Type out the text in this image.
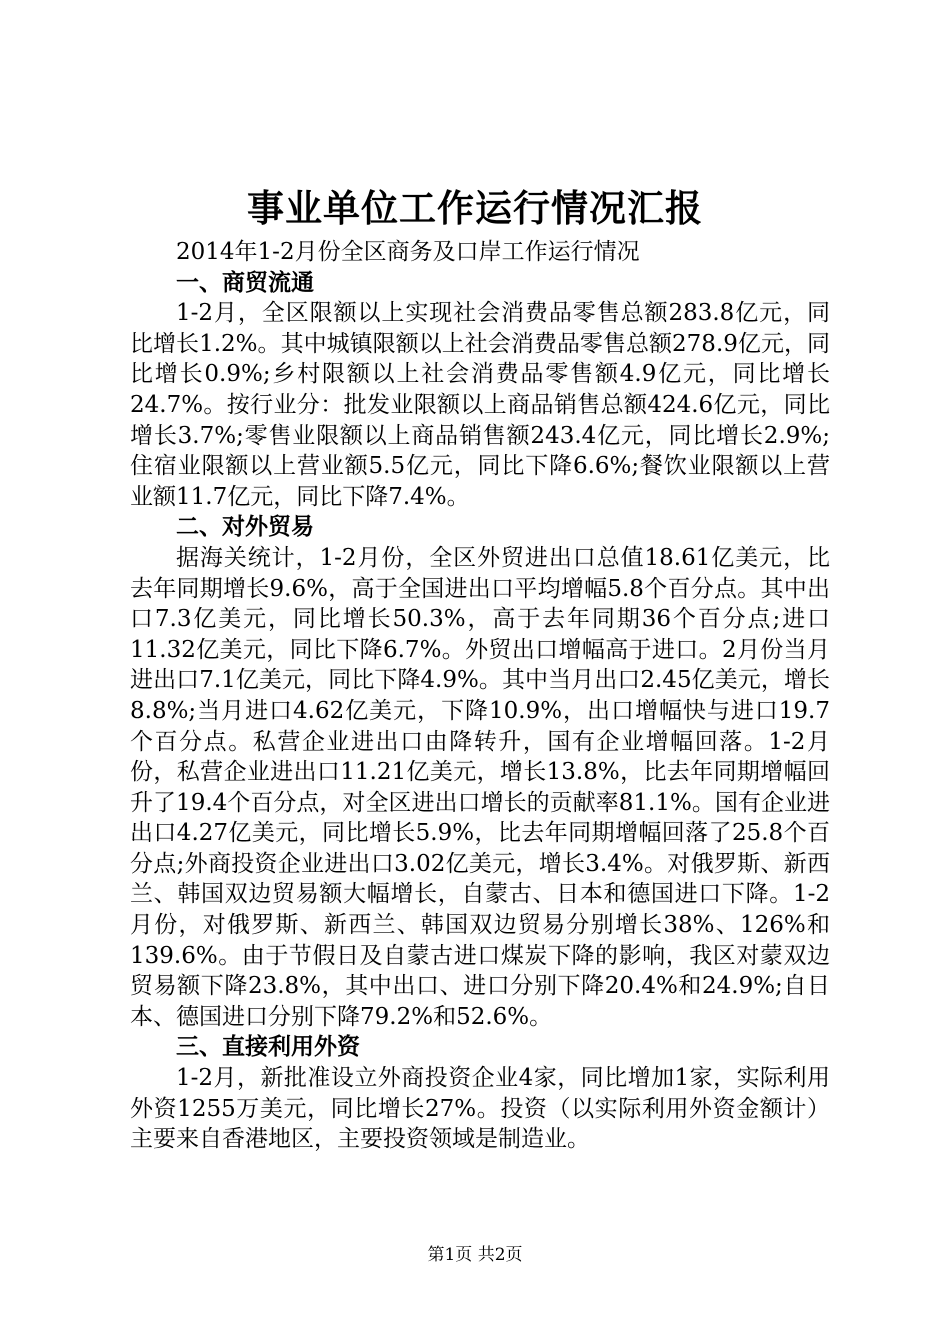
事业单位工作运行情况汇报

2014年1-2月份全区商务及口岸工作运行情况

一、商贸流通

1-2月，全区限额以上实现社会消费品零售总额283.8亿元，同比增长1.2%。其中城镇限额以上社会消费品零售总额278.9亿元，同比增长0.9%;乡村限额以上社会消费品零售额4.9亿元，同比增长24.7%。按行业分：批发业限额以上商品销售总额424.6亿元，同比增长3.7%;零售业限额以上商品销售额243.4亿元，同比增长2.9%;住宿业限额以上营业额5.5亿元，同比下降6.6%;餐饮业限额以上营业额11.7亿元，同比下降7.4%。

二、对外贸易

据海关统计，1-2月份，全区外贸进出口总值18.61亿美元，比去年同期增长9.6%，高于全国进出口平均增幅5.8个百分点。其中出口7.3亿美元，同比增长50.3%，高于去年同期36个百分点;进口11.32亿美元，同比下降6.7%。外贸出口增幅高于进口。2月份当月进出口7.1亿美元，同比下降4.9%。其中当月出口2.45亿美元，增长8.8%;当月进口4.62亿美元，下降10.9%，出口增幅快与进口19.7个百分点。私营企业进出口由降转升，国有企业增幅回落。1-2月份，私营企业进出口11.21亿美元，增长13.8%，比去年同期增幅回升了19.4个百分点，对全区进出口增长的贡献率81.1%。国有企业进出口4.27亿美元，同比增长5.9%，比去年同期增幅回落了25.8个百分点;外商投资企业进出口3.02亿美元，增长3.4%。对俄罗斯、新西兰、韩国双边贸易额大幅增长，自蒙古、日本和德国进口下降。1-2月份，对俄罗斯、新西兰、韩国双边贸易分别增长38%、126%和139.6%。由于节假日及自蒙古进口煤炭下降的影响，我区对蒙双边贸易额下降23.8%，其中出口、进口分别下降20.4%和24.9%;自日本、德国进口分别下降79.2%和52.6%。

三、直接利用外资

1-2月，新批准设立外商投资企业4家，同比增加1家，实际利用外资1255万美元，同比增长27%。投资（以实际利用外资金额计）主要来自香港地区，主要投资领域是制造业。

第1页 共2页
